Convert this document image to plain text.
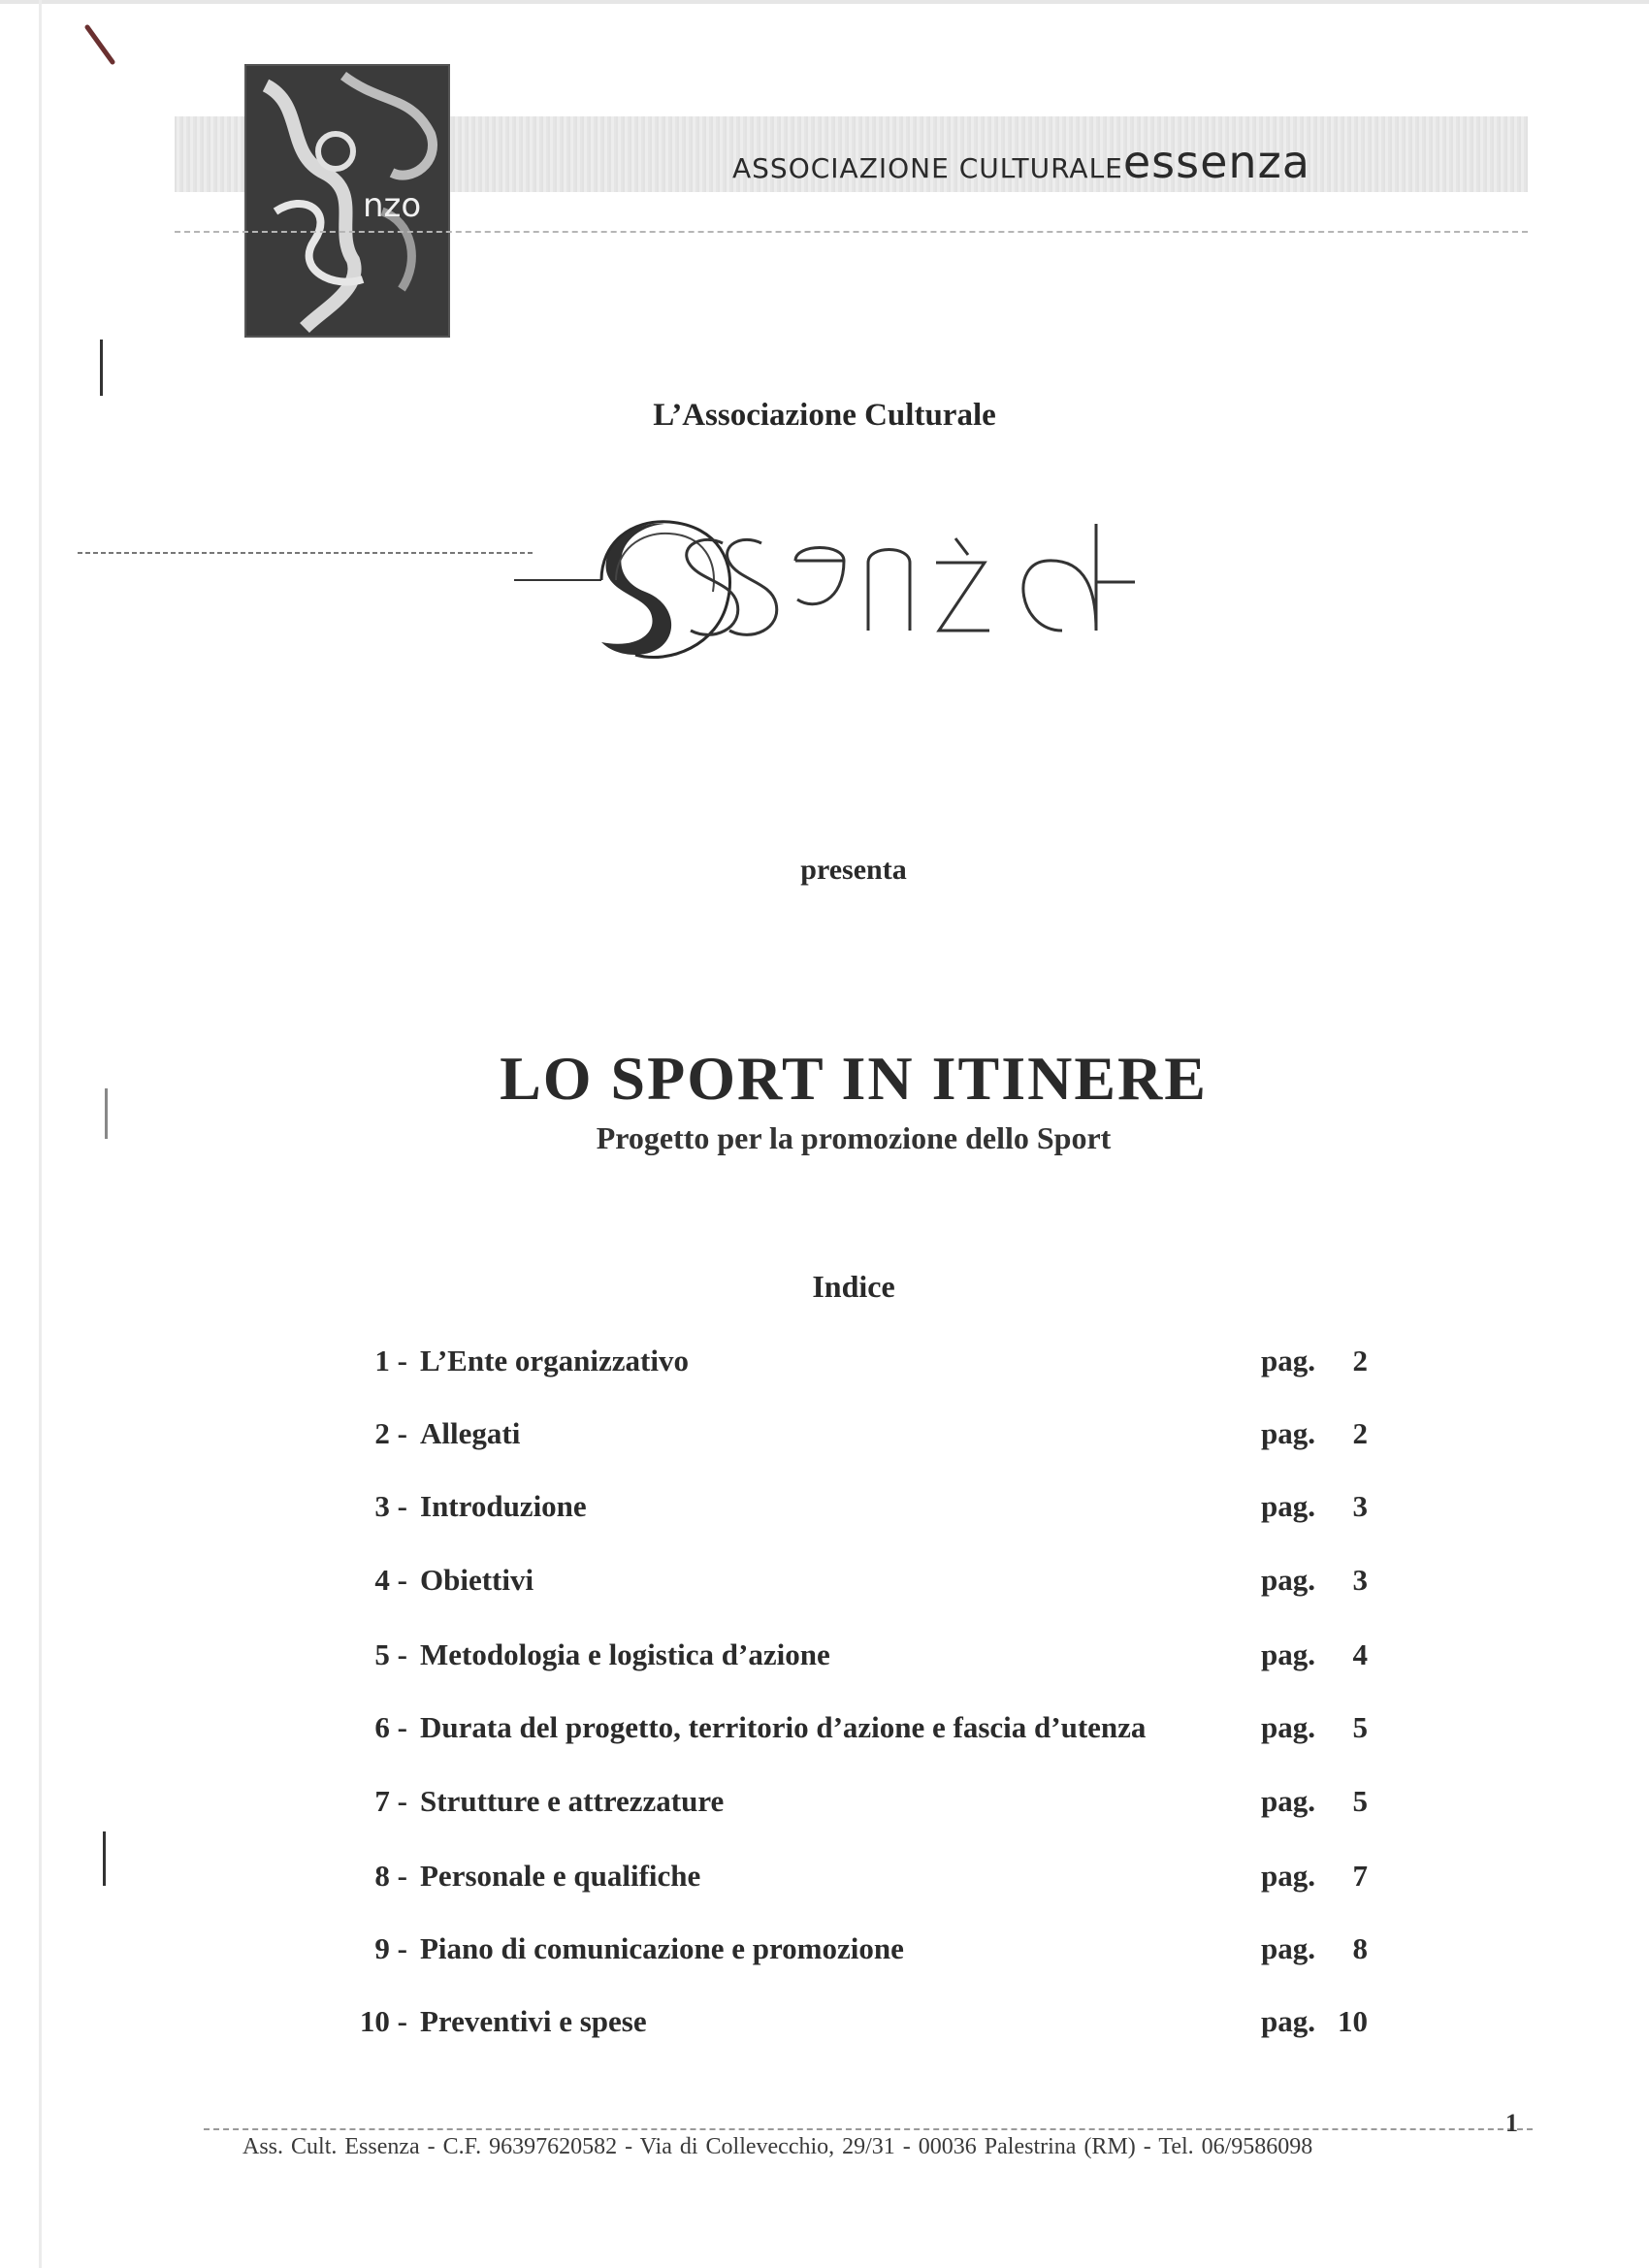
nzo
ASSOCIAZIONE CULTURALEessenza
L’Associazione Culturale
essenza
presenta
LO SPORT IN ITINERE
Progetto per la promozione dello Sport
Indice
1 - L’Ente organizzativo	pag. 2
2 - Allegati	pag. 2
3 - Introduzione	pag. 3
4 - Obiettivi	pag. 3
5 - Metodologia e logistica d’azione	pag. 4
6 - Durata del progetto, territorio d’azione e fascia d’utenza	pag. 5
7 - Strutture e attrezzature	pag. 5
8 - Personale e qualifiche	pag. 7
9 - Piano di comunicazione e promozione	pag. 8
10 - Preventivi e spese	pag. 10
Ass. Cult. Essenza - C.F. 96397620582 - Via di Collevecchio, 29/31 - 00036 Palestrina (RM) - Tel. 06/9586098
1
